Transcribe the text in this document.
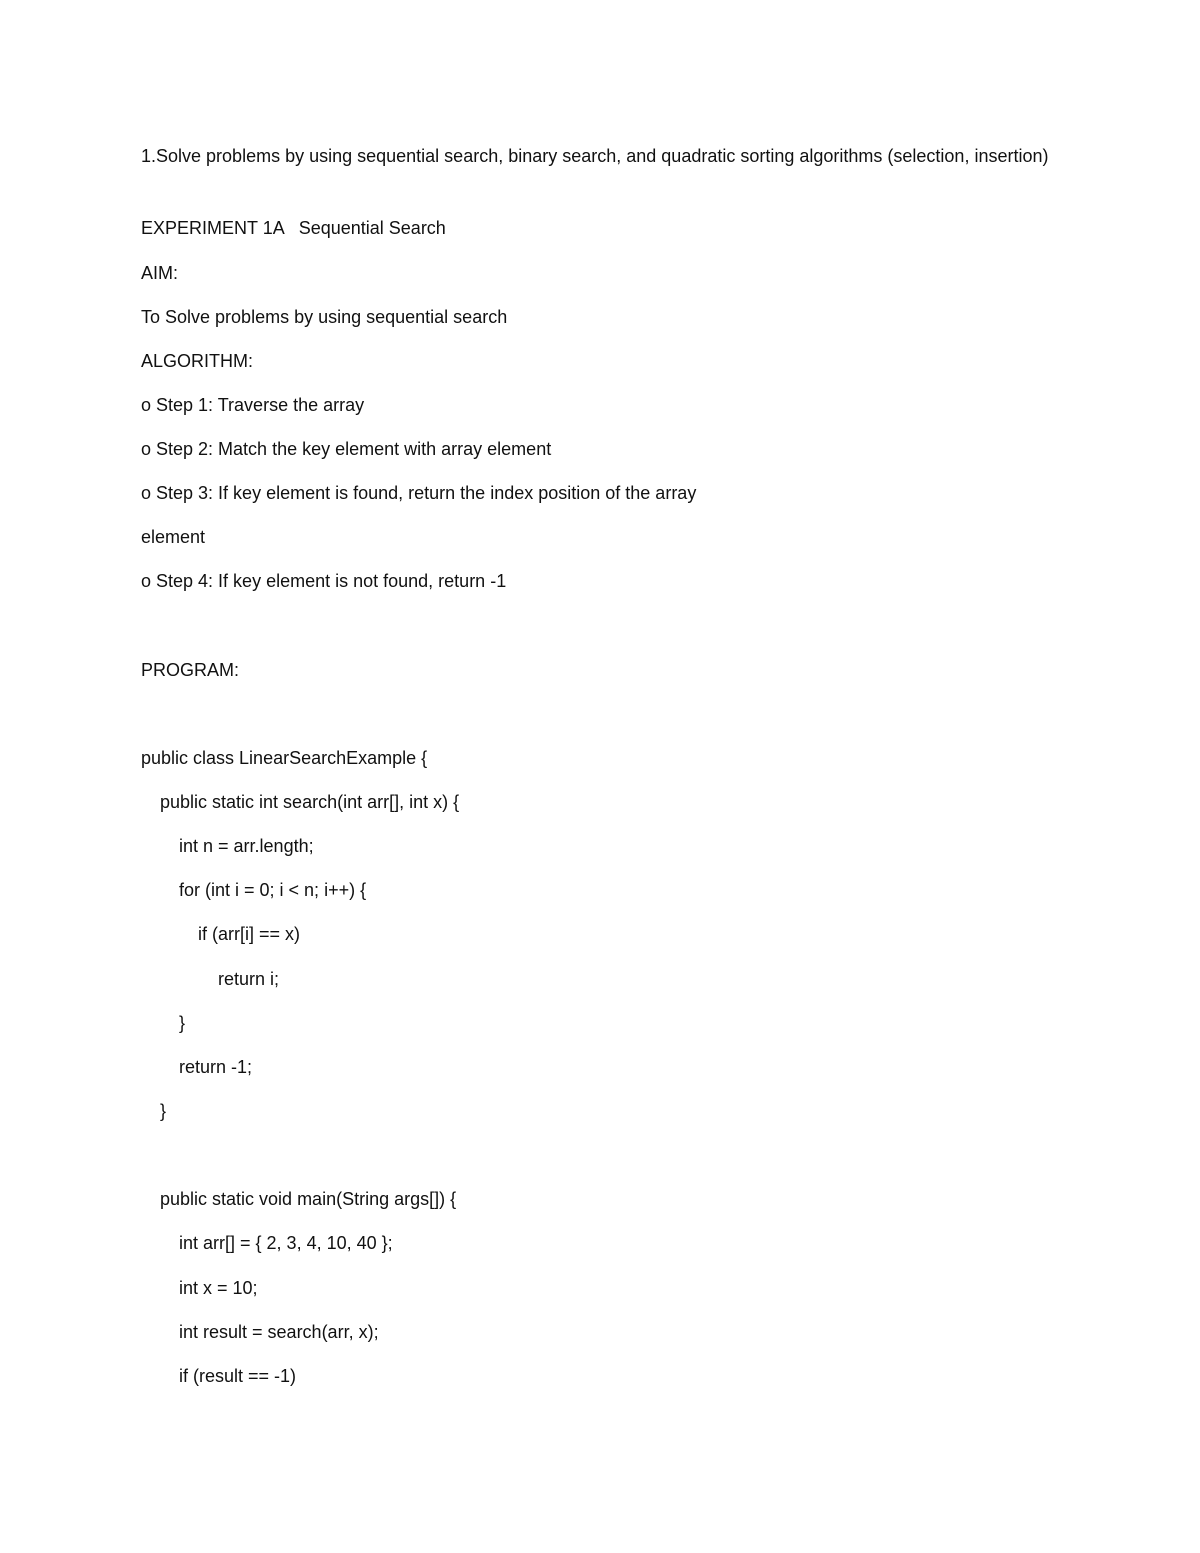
1.Solve problems by using sequential search, binary search, and quadratic sorting algorithms (selection, insertion)
EXPERIMENT 1A   Sequential Search
AIM:
To Solve problems by using sequential search
ALGORITHM:
o Step 1: Traverse the array
o Step 2: Match the key element with array element
o Step 3: If key element is found, return the index position of the array
element
o Step 4: If key element is not found, return -1
PROGRAM:
public class LinearSearchExample {
public static int search(int arr[], int x) {
int n = arr.length;
for (int i = 0; i < n; i++) {
if (arr[i] == x)
return i;
}
return -1;
}
public static void main(String args[]) {
int arr[] = { 2, 3, 4, 10, 40 };
int x = 10;
int result = search(arr, x);
if (result == -1)
